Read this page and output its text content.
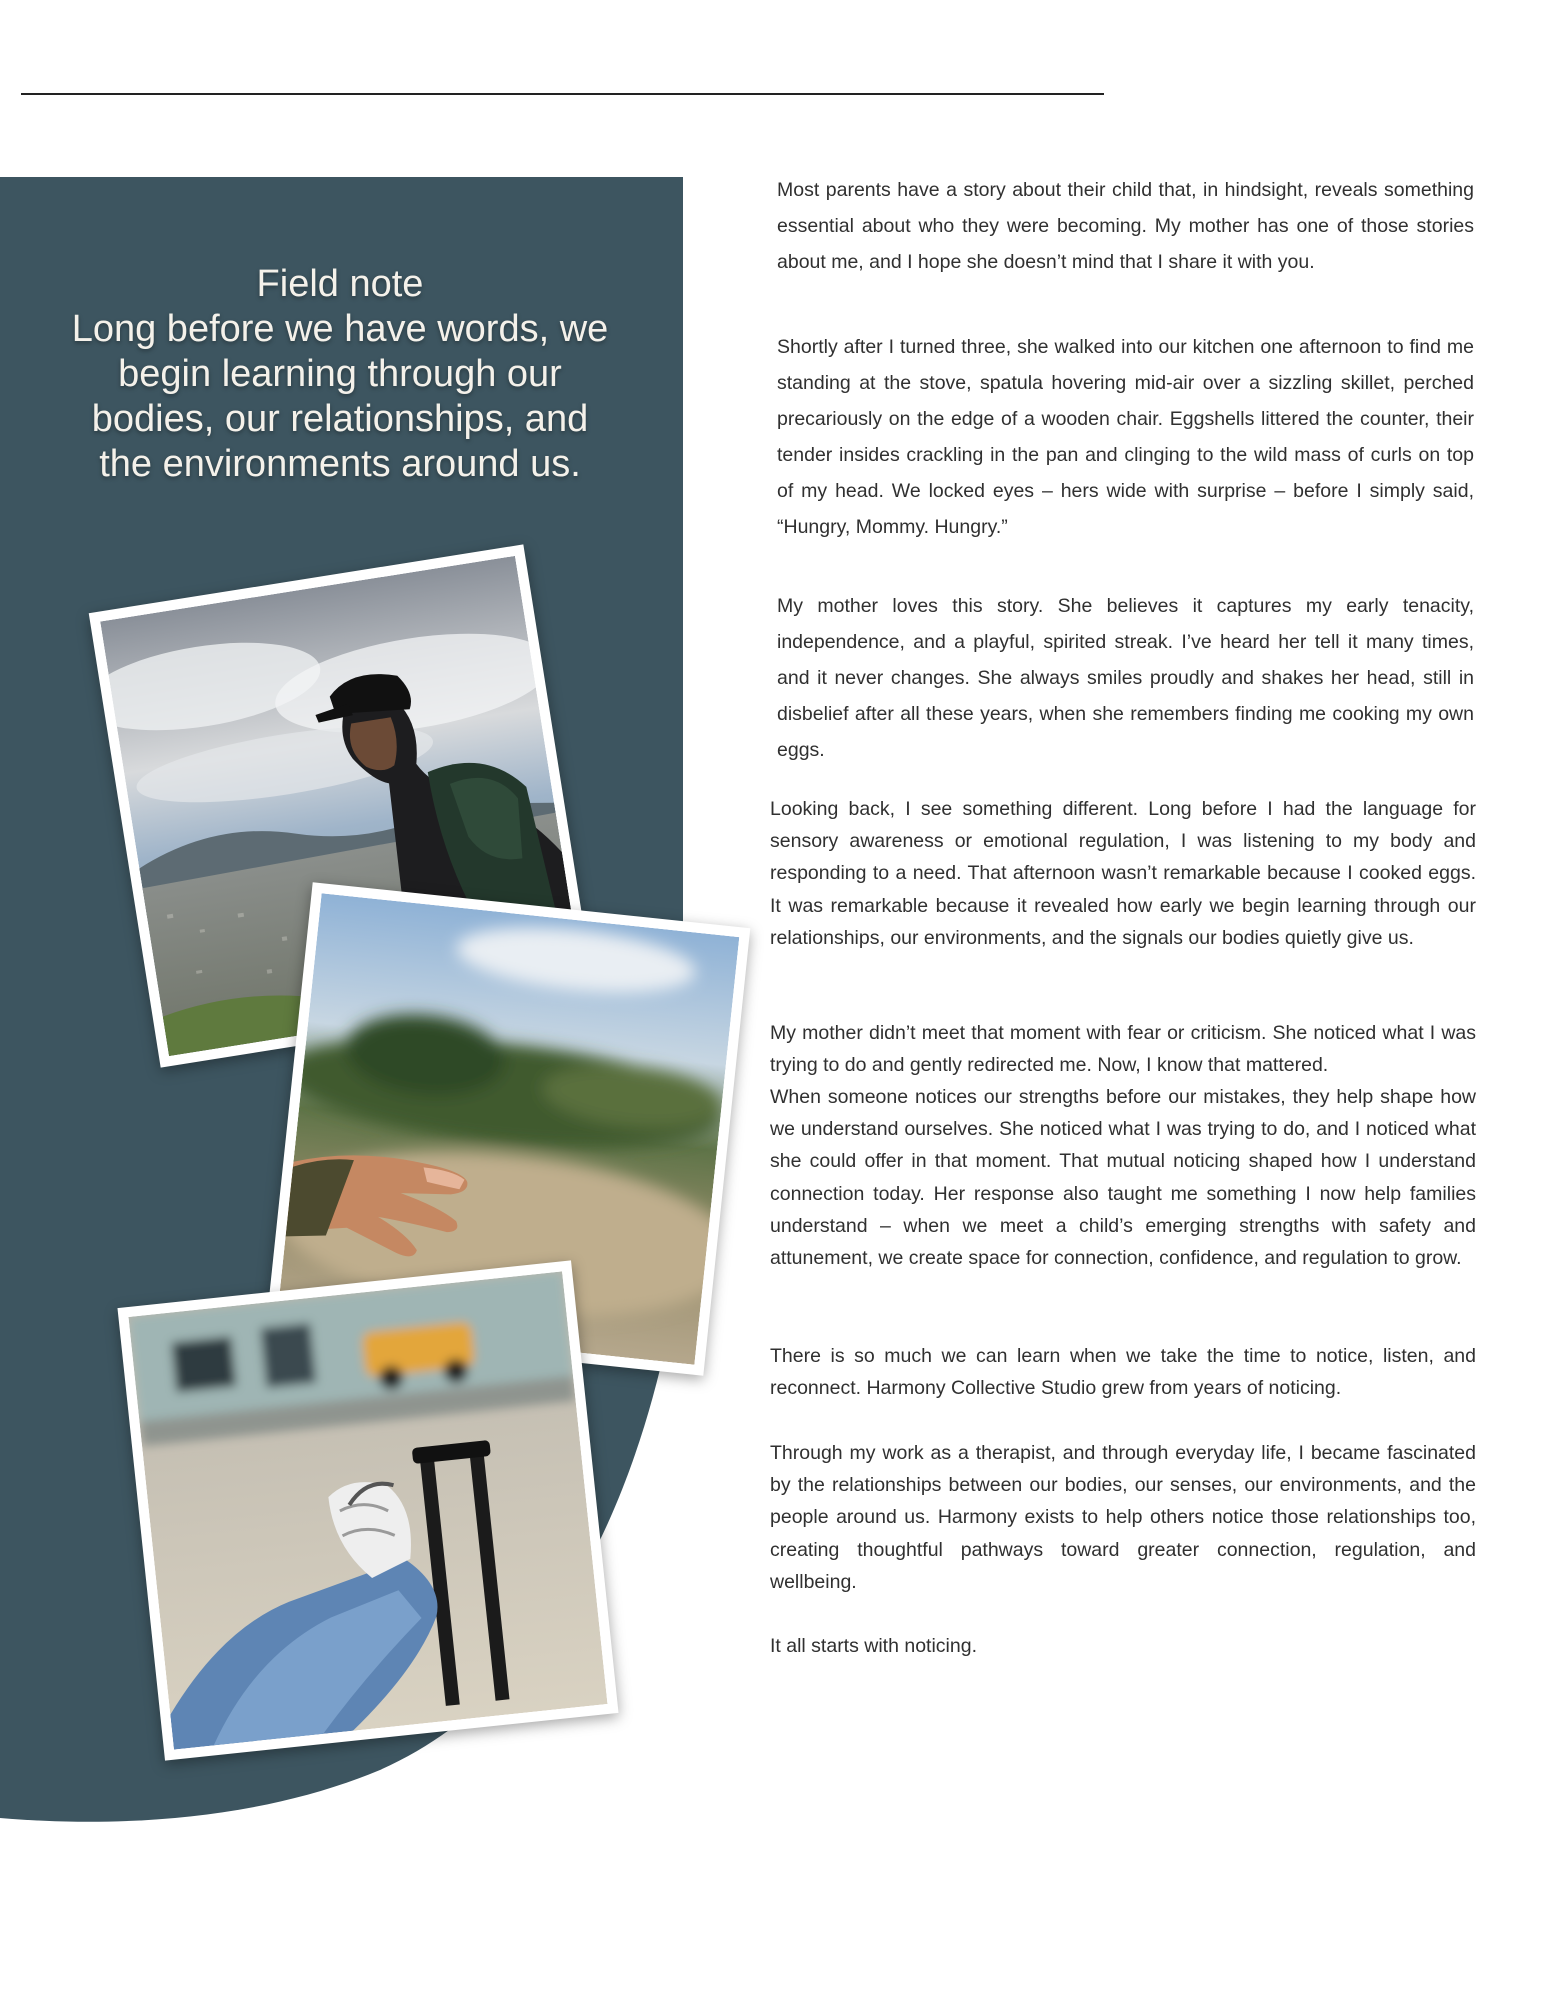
Field note
Long before we have words, we begin learning through our bodies, our relationships, and the environments around us.

Most parents have a story about their child that, in hindsight, reveals something essential about who they were becoming. My mother has one of those stories about me, and I hope she doesn’t mind that I share it with you.

Shortly after I turned three, she walked into our kitchen one afternoon to find me standing at the stove, spatula hovering mid-air over a sizzling skillet, perched precariously on the edge of a wooden chair. Eggshells littered the counter, their tender insides crackling in the pan and clinging to the wild mass of curls on top of my head. We locked eyes – hers wide with surprise – before I simply said, “Hungry, Mommy. Hungry.”

My mother loves this story. She believes it captures my early tenacity, independence, and a playful, spirited streak. I’ve heard her tell it many times, and it never changes. She always smiles proudly and shakes her head, still in disbelief after all these years, when she remembers finding me cooking my own eggs.

Looking back, I see something different. Long before I had the language for sensory awareness or emotional regulation, I was listening to my body and responding to a need. That afternoon wasn’t remarkable because I cooked eggs. It was remarkable because it revealed how early we begin learning through our relationships, our environments, and the signals our bodies quietly give us.

My mother didn’t meet that moment with fear or criticism. She noticed what I was trying to do and gently redirected me. Now, I know that mattered.

When someone notices our strengths before our mistakes, they help shape how we understand ourselves. She noticed what I was trying to do, and I noticed what she could offer in that moment. That mutual noticing shaped how I understand connection today. Her response also taught me something I now help families understand – when we meet a child’s emerging strengths with safety and attunement, we create space for connection, confidence, and regulation to grow.

There is so much we can learn when we take the time to notice, listen, and reconnect. Harmony Collective Studio grew from years of noticing.

Through my work as a therapist, and through everyday life, I became fascinated by the relationships between our bodies, our senses, our environments, and the people around us. Harmony exists to help others notice those relationships too, creating thoughtful pathways toward greater connection, regulation, and wellbeing.

It all starts with noticing.
